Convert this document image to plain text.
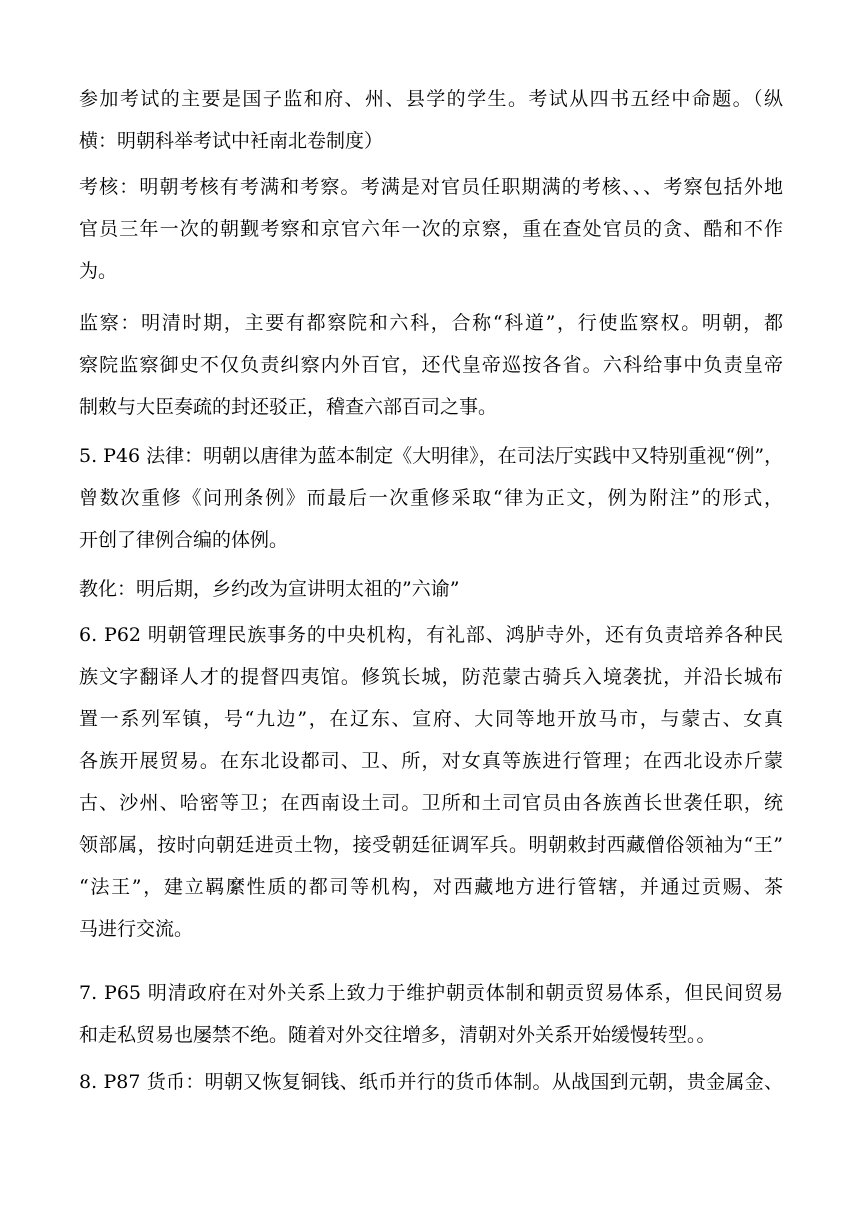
参加考试的主要是国子监和府、州、县学的学生。考试从四书五经中命题。（纵
横：明朝科举考试中衽南北卷制度）

考核：明朝考核有考满和考察。考满是对官员任职期满的考核、、、考察包括外地
官员三年一次的朝觐考察和京官六年一次的京察，重在查处官员的贪、酷和不作
为。

监察：明清时期，主要有都察院和六科，合称“科道”，行使监察权。明朝，都
察院监察御史不仅负责纠察内外百官，还代皇帝巡按各省。六科给事中负责皇帝
制敕与大臣奏疏的封还驳正，稽查六部百司之事。

5. P46 法律：明朝以唐律为蓝本制定《大明律》，在司法厅实践中又特别重视“例”，
曾数次重修《问刑条例》而最后一次重修采取“律为正文，例为附注”的形式，
开创了律例合编的体例。

教化：明后期，乡约改为宣讲明太祖的”六谕”

6. P62 明朝管理民族事务的中央机构，有礼部、鸿胪寺外，还有负责培养各种民
族文字翻译人才的提督四夷馆。修筑长城，防范蒙古骑兵入境袭扰，并沿长城布
置一系列军镇，号“九边”，在辽东、宣府、大同等地开放马市，与蒙古、女真
各族开展贸易。在东北设都司、卫、所，对女真等族进行管理；在西北设赤斤蒙
古、沙州、哈密等卫；在西南设土司。卫所和土司官员由各族酋长世袭任职，统
领部属，按时向朝廷进贡土物，接受朝廷征调军兵。明朝敕封西藏僧俗领袖为“王”
“法王”，建立羁縻性质的都司等机构，对西藏地方进行管辖，并通过贡赐、茶
马进行交流。

7. P65 明清政府在对外关系上致力于维护朝贡体制和朝贡贸易体系，但民间贸易
和走私贸易也屡禁不绝。随着对外交往增多，清朝对外关系开始缓慢转型。。

8. P87 货币：明朝又恢复铜钱、纸币并行的货币体制。从战国到元朝，贵金属金、
